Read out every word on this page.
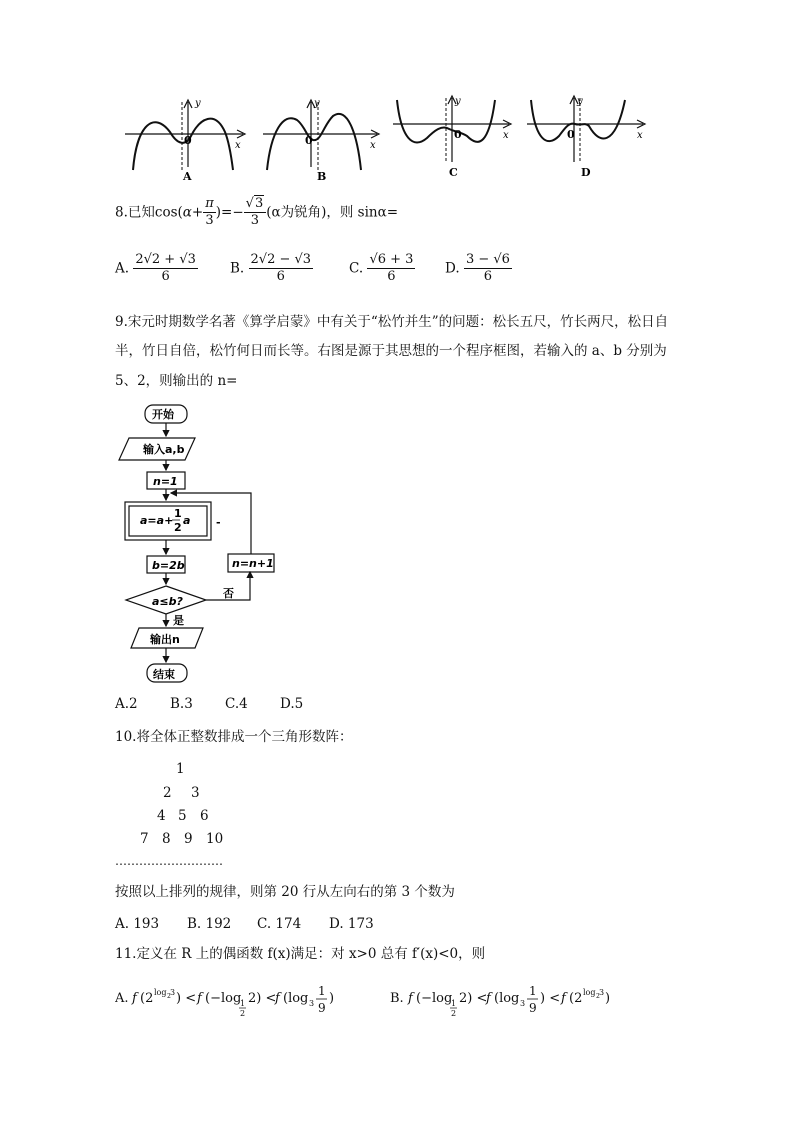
y
x
0
A
y
x
0
B
y
x
0
C
y
x
0
D
8.已知$\cos(\alpha+ \frac{\pi}{3}$ )=− $\frac{√3}{3} (\alpha$为锐角)，则 sinα=
A. $\frac{2√2 + √3}{6} B$. $\frac{2√2 - √3}{6}$	C. $\frac{√6 + 3}{6} D$. $\frac{3 - √6}{6}$
9.宋元时期数学名著《算学启蒙》中有关于“松竹并生”的问题：松长五尺，竹长两尺，松日自
半，竹日自倍，松竹何日而长等。右图是源于其思想的一个程序框图，若输入的 a、b 分别为
5、2，则输出的 n=
开始
输入a,b
n=1
a=a+
1
2
a -
b=2b
a≤b?
否
是
n=n+1
输出n
结束
A.2 B.3 C.4 D.5
10.将全体正整数排成一个三角形数阵：
1
2 3
4 5 6
7 8 9 10
………………………
按照以上排列的规律，则第 20 行从左向右的第 3 个数为
A. 193 B. 192 C. 174 D. 173
11.定义在 R 上的偶函数 f(x)满足：对 x>0 总有 f′(x)<0，则
A. f (2 log 2 3 ) < f (−log
1
2
2) <
f (log 3
1
9
)	B. f (−log
1
2
2) <
f (log 3
1
9
) < f (2 log 2 3 )
